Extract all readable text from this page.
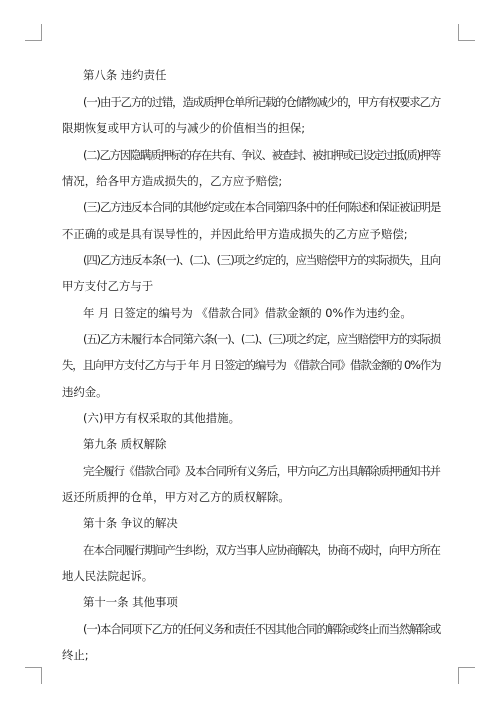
第八条 违约责任
(一)由于乙方的过错，造成质押仓单所记载的仓储物减少的，甲方有权要求乙方
限期恢复或甲方认可的与减少的价值相当的担保;
(二)乙方因隐瞒质押标的存在共有、争议、被查封、被扣押或已设定过抵(质)押等
情况，给各甲方造成损失的，乙方应予赔偿;
(三)乙方违反本合同的其他约定或在本合同第四条中的任何陈述和保证被证明是
不正确的或是具有误导性的，并因此给甲方造成损失的乙方应予赔偿;
(四)乙方违反本条(一)、(二)、(三)项之约定的，应当赔偿甲方的实际损失，且向
甲方支付乙方与于
年 月 日签定的编号为 《借款合同》借款金额的 0%作为违约金。
(五)乙方未履行本合同第六条(一)、(二)、(三)项之约定，应当赔偿甲方的实际损
失，且向甲方支付乙方与于 年 月 日签定的编号为 《借款合同》借款金额的 0%作为
违约金。
(六)甲方有权采取的其他措施。
第九条 质权解除
完全履行《借款合同》及本合同所有义务后，甲方向乙方出具解除质押通知书并
返还所质押的仓单，甲方对乙方的质权解除。
第十条 争议的解决
在本合同履行期间产生纠纷，双方当事人应协商解决，协商不成时，向甲方所在
地人民法院起诉。
第十一条 其他事项
(一)本合同项下乙方的任何义务和责任不因其他合同的解除或终止而当然解除或
终止;
